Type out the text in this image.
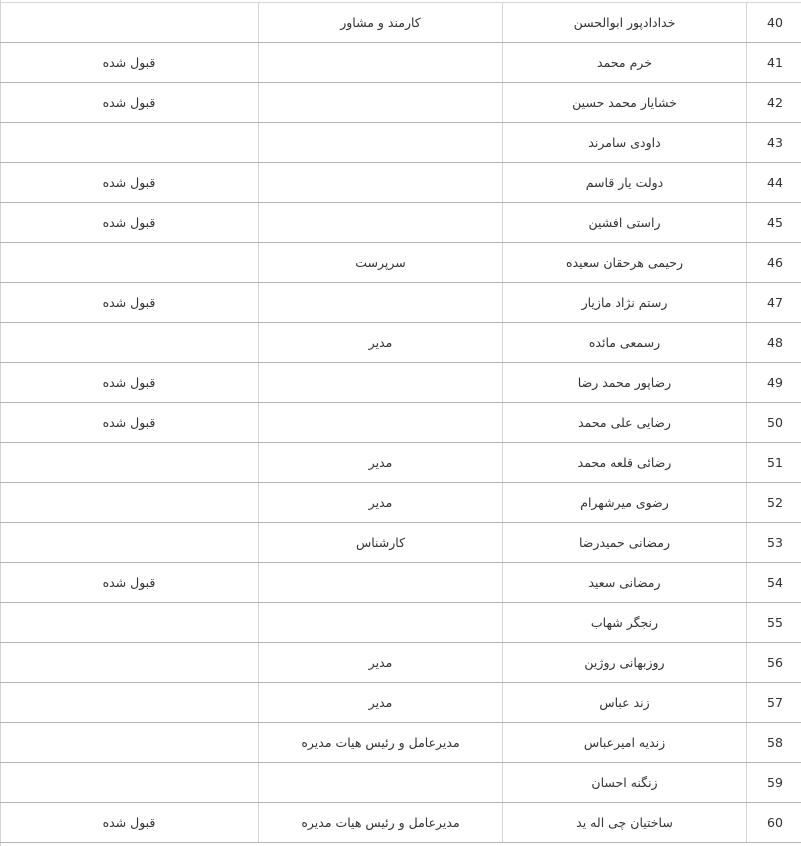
	کارمند و مشاور	خدادادپور ابوالحسن	40
قبول شده		خرم محمد	41
قبول شده		خشایار محمد حسین	42
		داودی سامرند	43
قبول شده		دولت یار قاسم	44
قبول شده		راستی افشین	45
	سرپرست	رحیمی هرحقان سعیده	46
قبول شده		رستم نژاد مازیار	47
	مدیر	رسمعی مائده	48
قبول شده		رضاپور محمد رضا	49
قبول شده		رضایی علی محمد	50
	مدیر	رضائی قلعه محمد	51
	مدیر	رضوی میرشهرام	52
	کارشناس	رمضانی حمیدرضا	53
قبول شده		رمضانی سعید	54
		رنجگر شهاب	55
	مدیر	روزبهانی روژین	56
	مدیر	زند عباس	57
	مدیرعامل و رئیس هیات مدیره	زندیه امیرعباس	58
		زنگنه احسان	59
قبول شده	مدیرعامل و رئیس هیات مدیره	ساختیان چی اله ید	60
